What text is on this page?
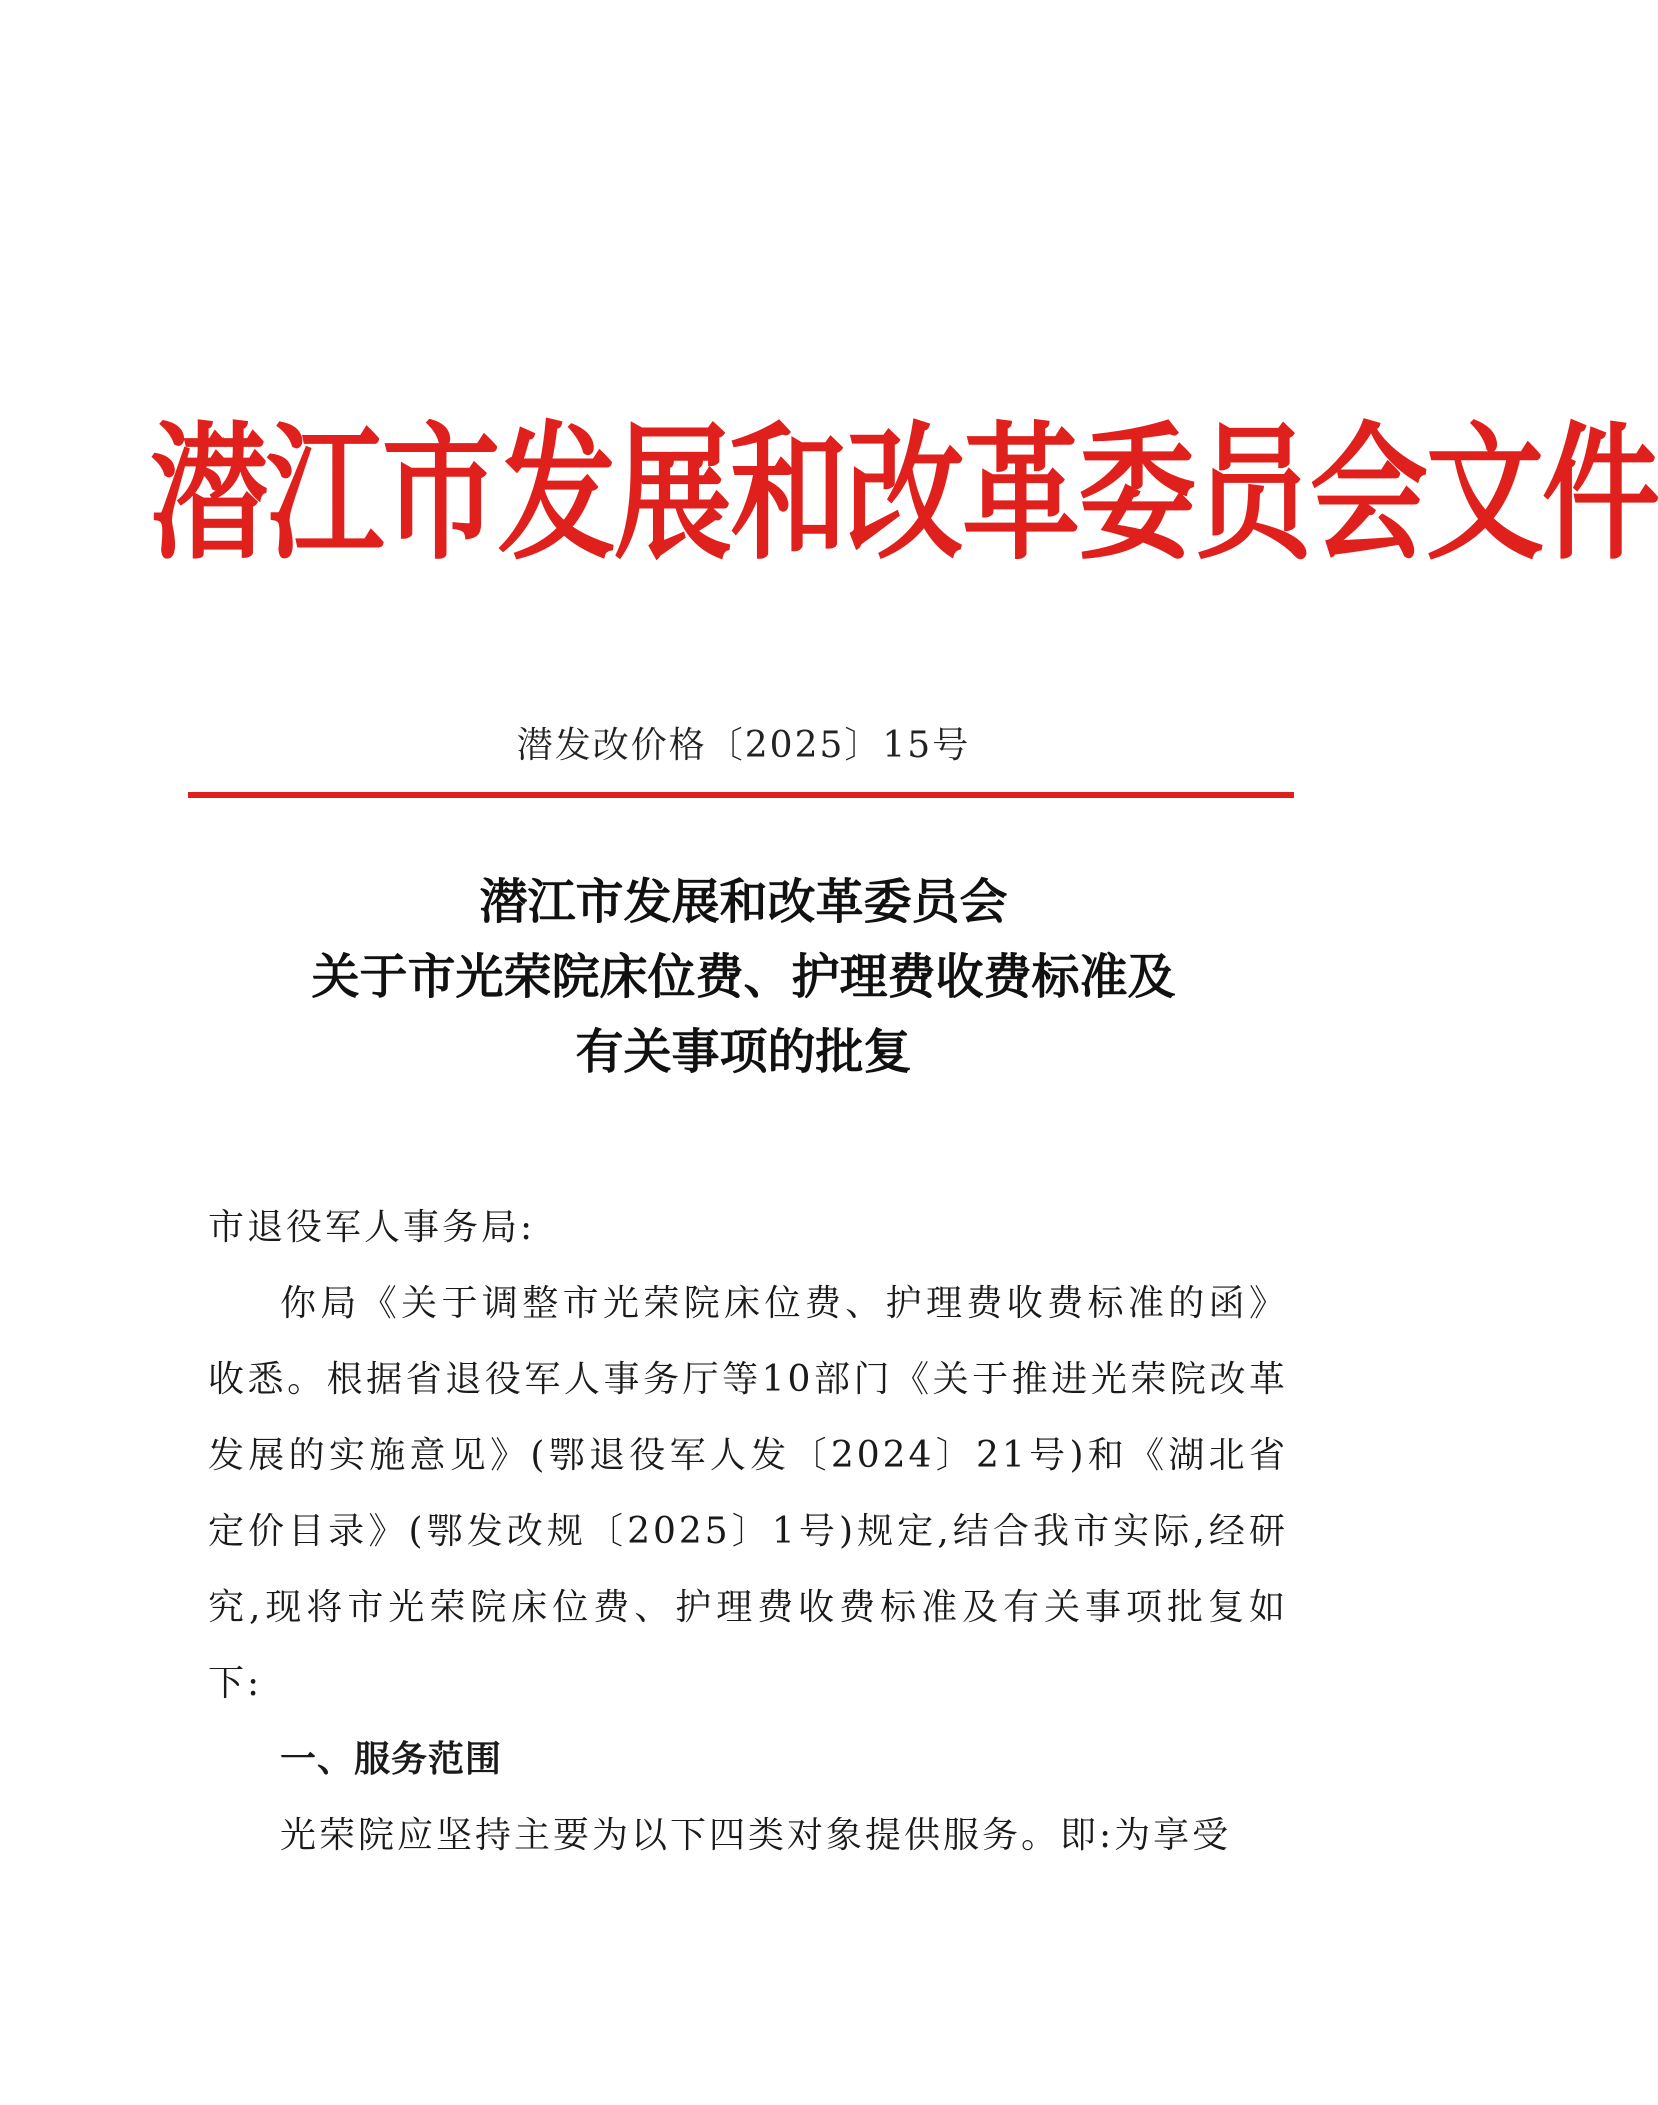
潜江市发展和改革委员会文件
潜发改价格〔2025〕15号
潜江市发展和改革委员会
关于市光荣院床位费、护理费收费标准及
有关事项的批复
市退役军人事务局:
你局《关于调整市光荣院床位费、护理费收费标准的函》收悉。根据省退役军人事务厅等10部门《关于推进光荣院改革发展的实施意见》(鄂退役军人发〔2024〕21号)和《湖北省定价目录》(鄂发改规〔2025〕1号)规定,结合我市实际,经研究,现将市光荣院床位费、护理费收费标准及有关事项批复如下:
一、服务范围
光荣院应坚持主要为以下四类对象提供服务。即:为享受
